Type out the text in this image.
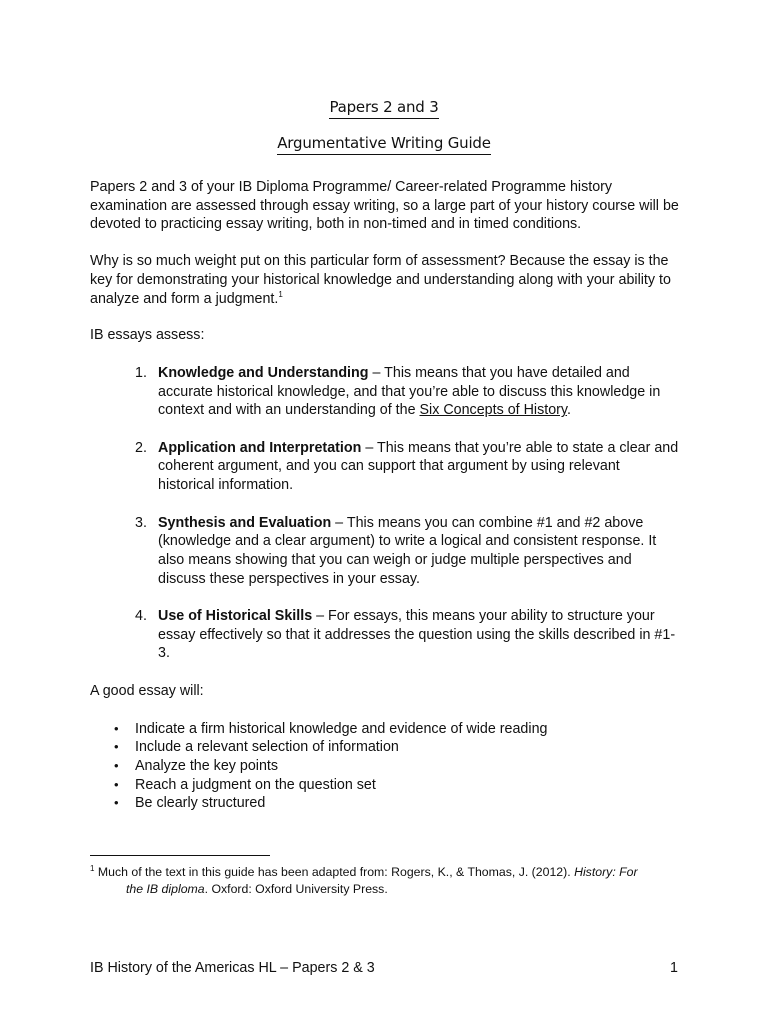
Papers 2 and 3
Argumentative Writing Guide

Papers 2 and 3 of your IB Diploma Programme/ Career-related Programme history examination are assessed through essay writing, so a large part of your history course will be devoted to practicing essay writing, both in non-timed and in timed conditions.

Why is so much weight put on this particular form of assessment? Because the essay is the key for demonstrating your historical knowledge and understanding along with your ability to analyze and form a judgment.$^1$

IB essays assess:

1. Knowledge and Understanding – This means that you have detailed and accurate historical knowledge, and that you’re able to discuss this knowledge in context and with an understanding of the Six Concepts of History.
2. Application and Interpretation – This means that you’re able to state a clear and coherent argument, and you can support that argument by using relevant historical information.
3. Synthesis and Evaluation – This means you can combine #1 and #2 above (knowledge and a clear argument) to write a logical and consistent response. It also means showing that you can weigh or judge multiple perspectives and discuss these perspectives in your essay.
4. Use of Historical Skills – For essays, this means your ability to structure your essay effectively so that it addresses the question using the skills described in #1-3.

A good essay will:

• Indicate a firm historical knowledge and evidence of wide reading
• Include a relevant selection of information
• Analyze the key points
• Reach a judgment on the question set
• Be clearly structured
$^1$ Much of the text in this guide has been adapted from: Rogers, K., & Thomas, J. (2012). History: For
the IB diploma. Oxford: Oxford University Press.
IB History of the Americas HL – Papers 2 & 3	1
